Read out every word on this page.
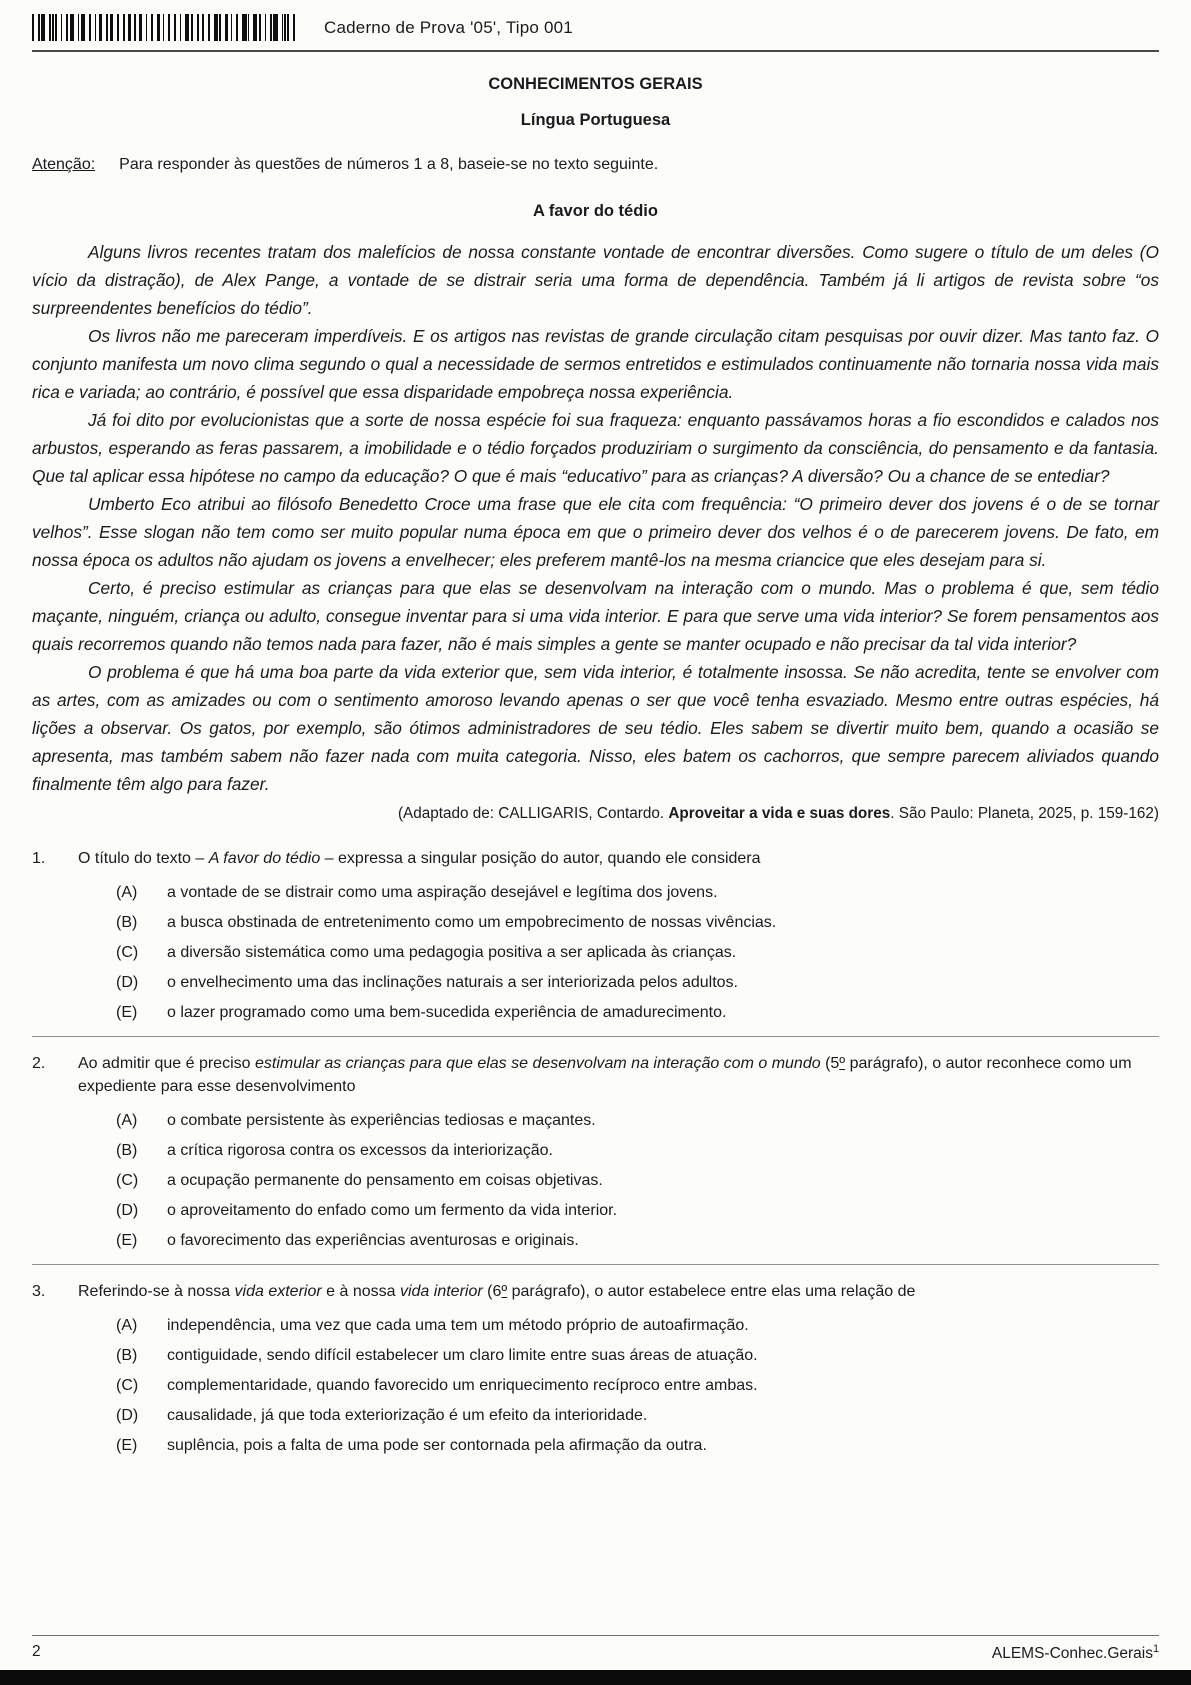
Caderno de Prova '05', Tipo 001
CONHECIMENTOS GERAIS
Língua Portuguesa
Atenção: Para responder às questões de números 1 a 8, baseie-se no texto seguinte.
A favor do tédio

Alguns livros recentes tratam dos malefícios de nossa constante vontade de encontrar diversões. Como sugere o título de um deles (O vício da distração), de Alex Pange, a vontade de se distrair seria uma forma de dependência. Também já li artigos de revista sobre “os surpreendentes benefícios do tédio”.

Os livros não me pareceram imperdíveis. E os artigos nas revistas de grande circulação citam pesquisas por ouvir dizer. Mas tanto faz. O conjunto manifesta um novo clima segundo o qual a necessidade de sermos entretidos e estimulados continuamente não tornaria nossa vida mais rica e variada; ao contrário, é possível que essa disparidade empobreça nossa experiência.

Já foi dito por evolucionistas que a sorte de nossa espécie foi sua fraqueza: enquanto passávamos horas a fio escondidos e calados nos arbustos, esperando as feras passarem, a imobilidade e o tédio forçados produziriam o surgimento da consciência, do pensamento e da fantasia. Que tal aplicar essa hipótese no campo da educação? O que é mais “educativo” para as crianças? A diversão? Ou a chance de se entediar?

Umberto Eco atribui ao filósofo Benedetto Croce uma frase que ele cita com frequência: “O primeiro dever dos jovens é o de se tornar velhos”. Esse slogan não tem como ser muito popular numa época em que o primeiro dever dos velhos é o de parecerem jovens. De fato, em nossa época os adultos não ajudam os jovens a envelhecer; eles preferem mantê-los na mesma criancice que eles desejam para si.

Certo, é preciso estimular as crianças para que elas se desenvolvam na interação com o mundo. Mas o problema é que, sem tédio maçante, ninguém, criança ou adulto, consegue inventar para si uma vida interior. E para que serve uma vida interior? Se forem pensamentos aos quais recorremos quando não temos nada para fazer, não é mais simples a gente se manter ocupado e não precisar da tal vida interior?

O problema é que há uma boa parte da vida exterior que, sem vida interior, é totalmente insossa. Se não acredita, tente se envolver com as artes, com as amizades ou com o sentimento amoroso levando apenas o ser que você tenha esvaziado. Mesmo entre outras espécies, há lições a observar. Os gatos, por exemplo, são ótimos administradores de seu tédio. Eles sabem se divertir muito bem, quando a ocasião se apresenta, mas também sabem não fazer nada com muita categoria. Nisso, eles batem os cachorros, que sempre parecem aliviados quando finalmente têm algo para fazer.

(Adaptado de: CALLIGARIS, Contardo. Aproveitar a vida e suas dores. São Paulo: Planeta, 2025, p. 159-162)
1.	O título do texto – A favor do tédio – expressa a singular posição do autor, quando ele considera
(A)	a vontade de se distrair como uma aspiração desejável e legítima dos jovens.
(B)	a busca obstinada de entretenimento como um empobrecimento de nossas vivências.
(C)	a diversão sistemática como uma pedagogia positiva a ser aplicada às crianças.
(D)	o envelhecimento uma das inclinações naturais a ser interiorizada pelos adultos.
(E)	o lazer programado como uma bem-sucedida experiência de amadurecimento.
2.	Ao admitir que é preciso estimular as crianças para que elas se desenvolvam na interação com o mundo (5º parágrafo), o autor reconhece como um expediente para esse desenvolvimento
(A)	o combate persistente às experiências tediosas e maçantes.
(B)	a crítica rigorosa contra os excessos da interiorização.
(C)	a ocupação permanente do pensamento em coisas objetivas.
(D)	o aproveitamento do enfado como um fermento da vida interior.
(E)	o favorecimento das experiências aventurosas e originais.
3.	Referindo-se à nossa vida exterior e à nossa vida interior (6º parágrafo), o autor estabelece entre elas uma relação de
(A)	independência, uma vez que cada uma tem um método próprio de autoafirmação.
(B)	contiguidade, sendo difícil estabelecer um claro limite entre suas áreas de atuação.
(C)	complementaridade, quando favorecido um enriquecimento recíproco entre ambas.
(D)	causalidade, já que toda exteriorização é um efeito da interioridade.
(E)	suplência, pois a falta de uma pode ser contornada pela afirmação da outra.
2	ALEMS-Conhec.Gerais$^1$
